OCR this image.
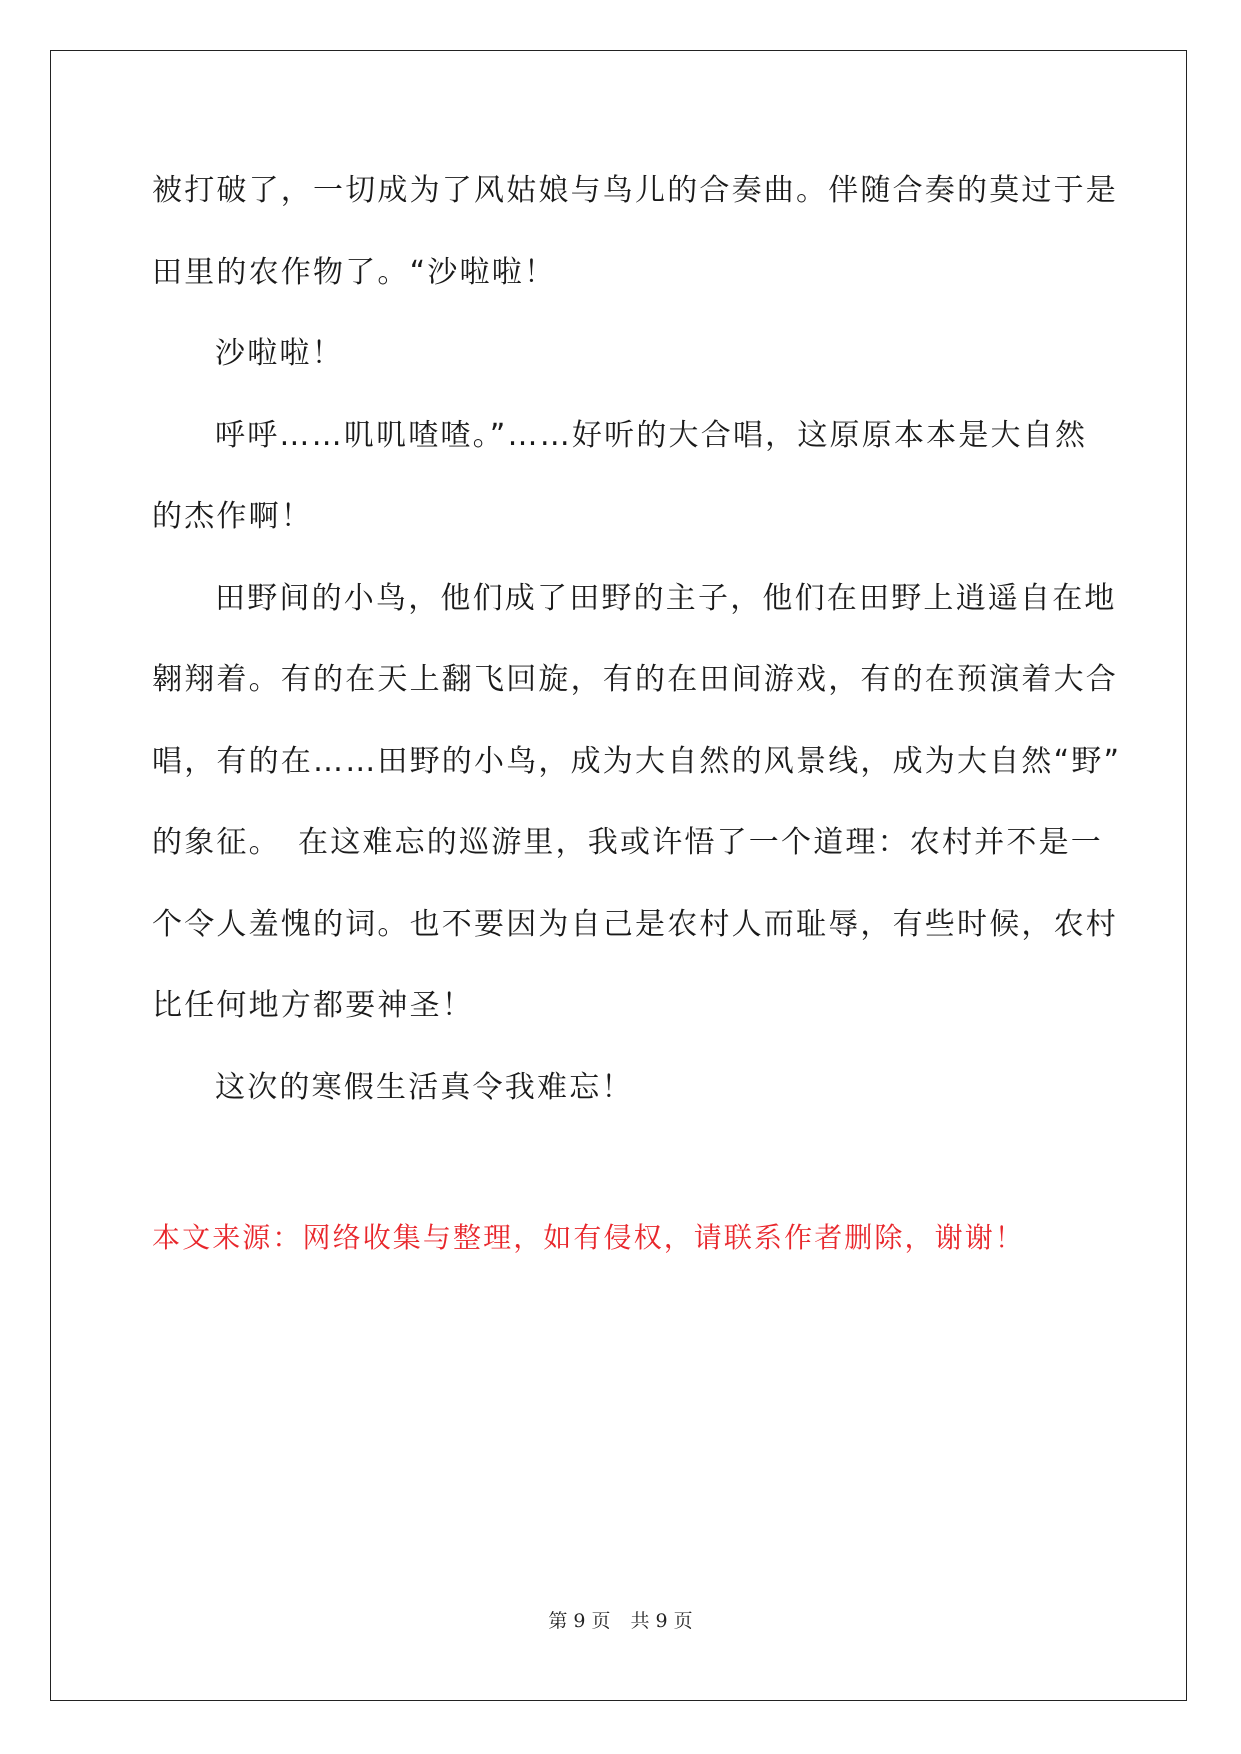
被打破了，一切成为了风姑娘与鸟儿的合奏曲。伴随合奏的莫过于是
田里的农作物了。“沙啦啦！
沙啦啦！
呼呼……叽叽喳喳。”……好听的大合唱，这原原本本是大自然
的杰作啊！
田野间的小鸟，他们成了田野的主子，他们在田野上逍遥自在地
翱翔着。有的在天上翻飞回旋，有的在田间游戏，有的在预演着大合
唱，有的在……田野的小鸟，成为大自然的风景线，成为大自然“野”
的象征。　在这难忘的巡游里，我或许悟了一个道理：农村并不是一
个令人羞愧的词。也不要因为自己是农村人而耻辱，有些时候，农村
比任何地方都要神圣！
这次的寒假生活真令我难忘！
本文来源：网络收集与整理，如有侵权，请联系作者删除，谢谢！
第 9 页 共 9 页
